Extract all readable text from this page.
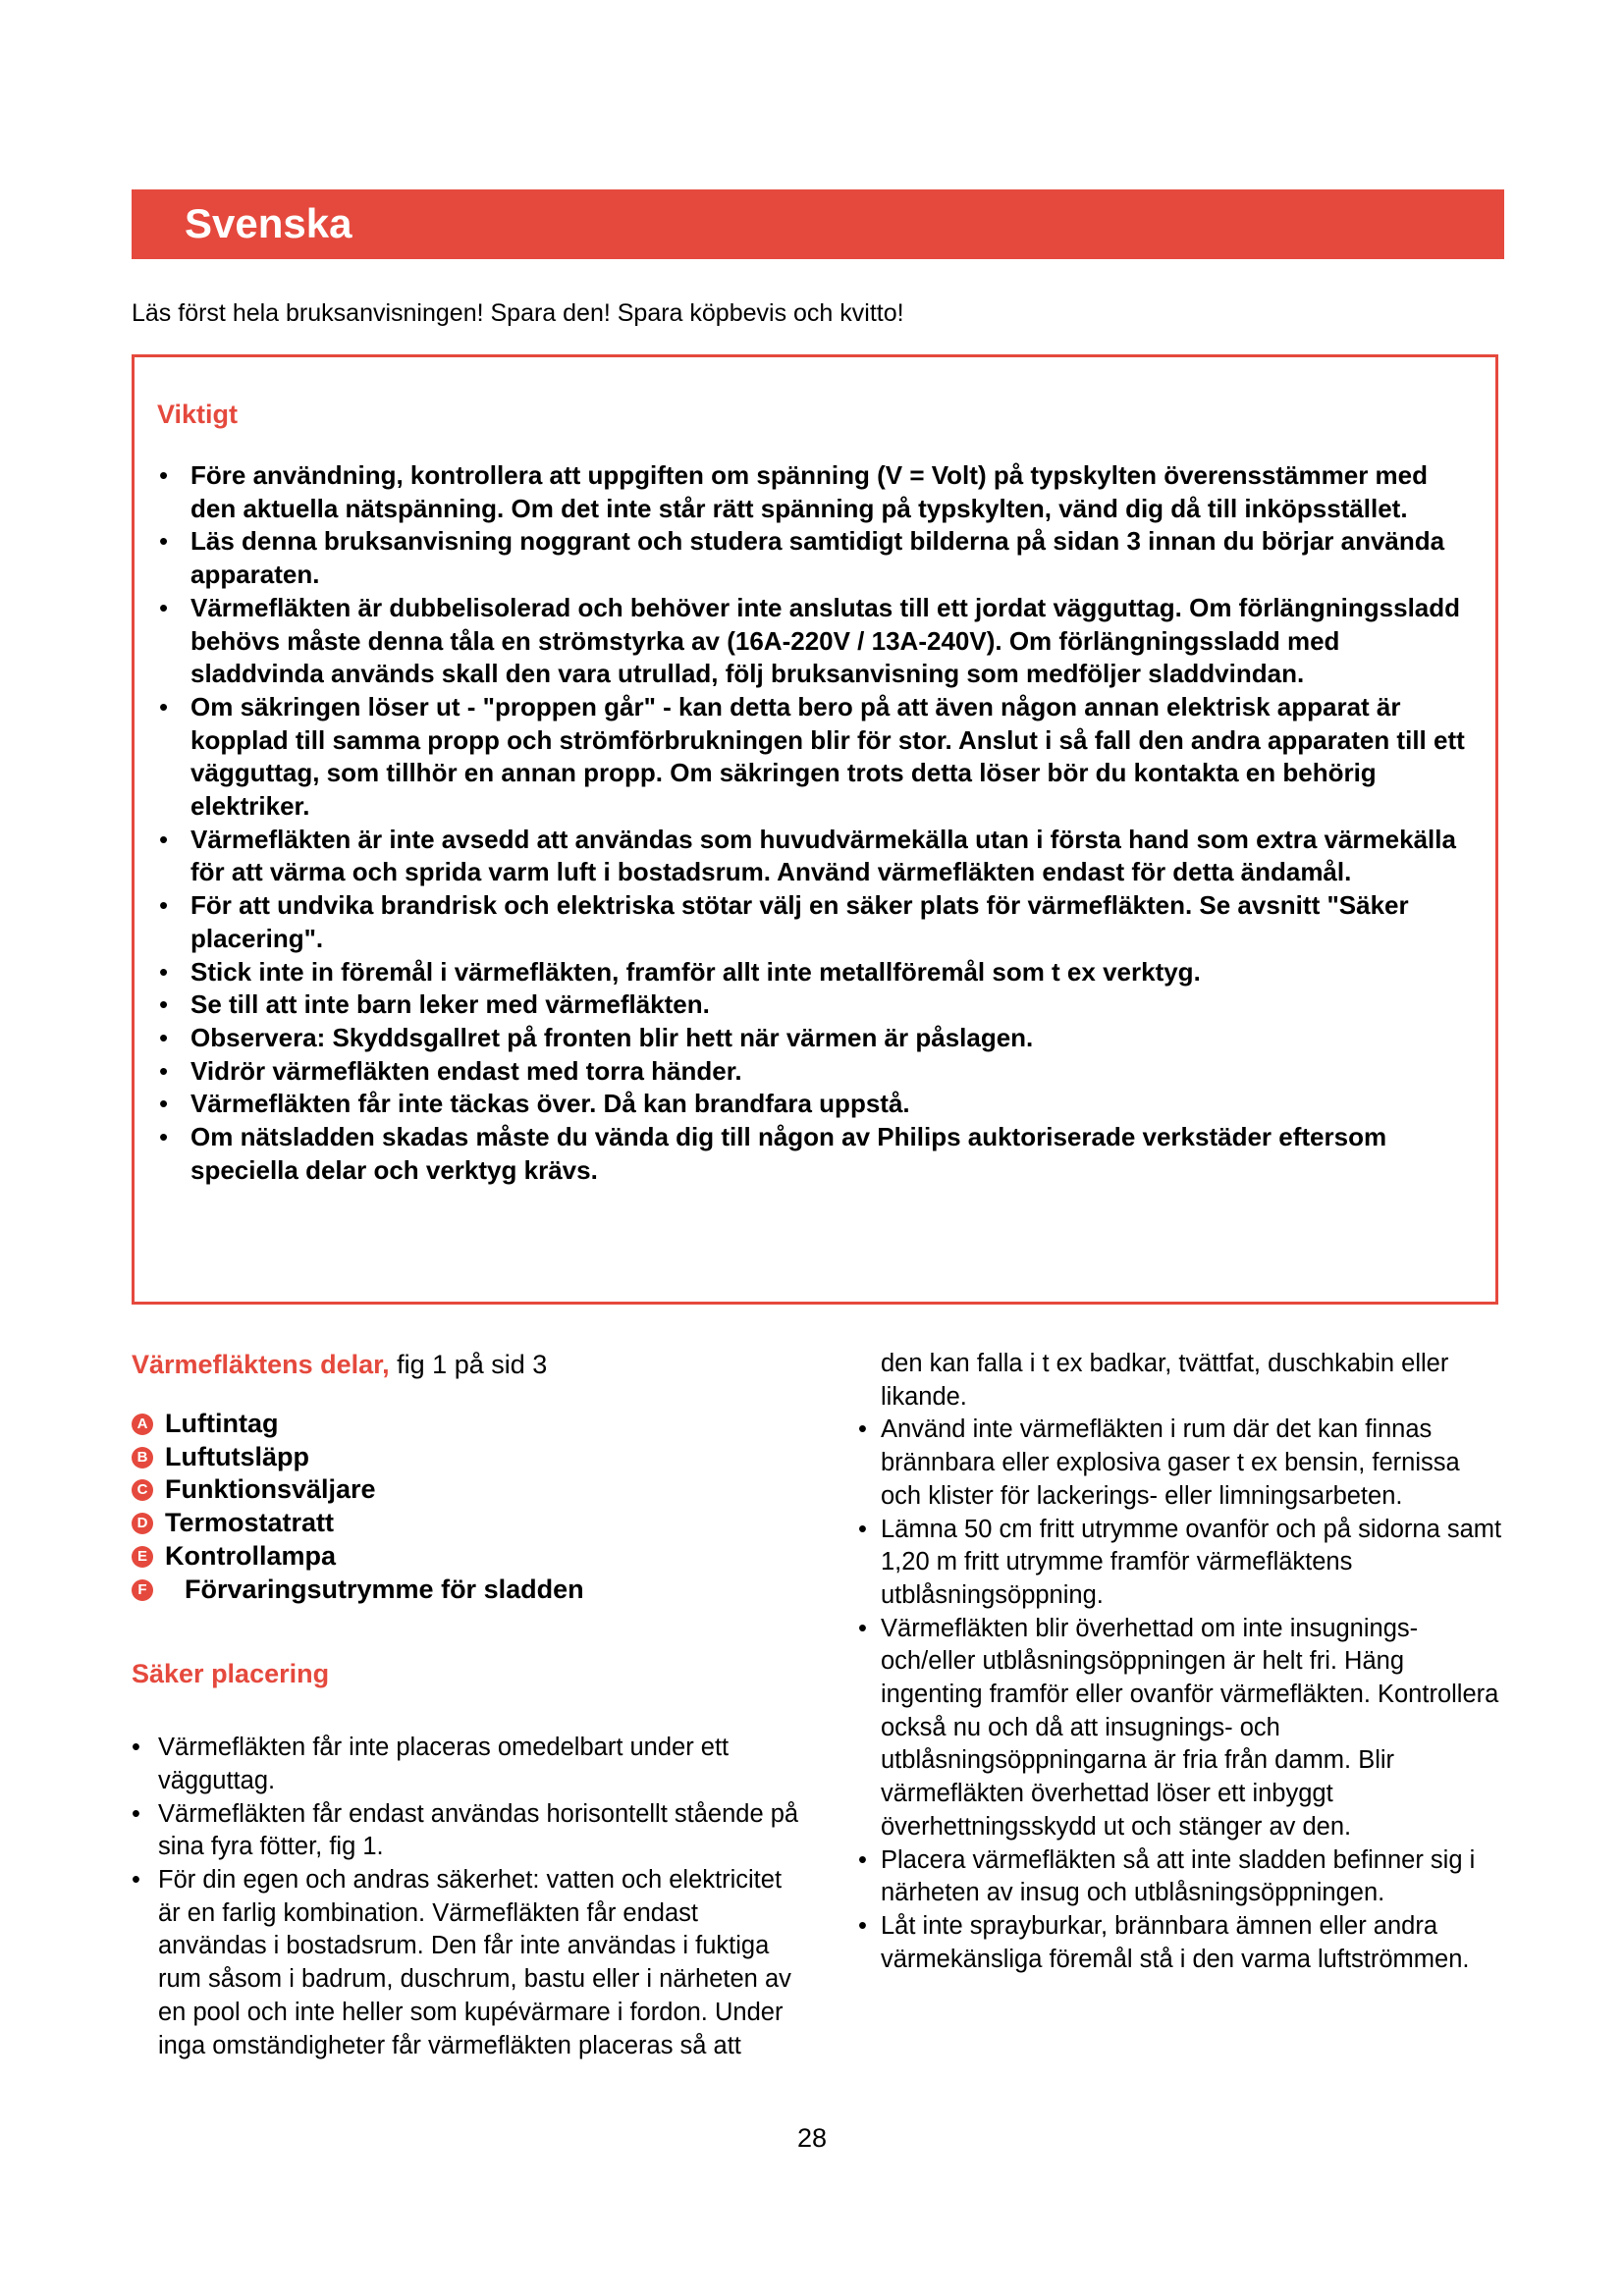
Svenska
Läs först hela bruksanvisningen! Spara den! Spara köpbevis och kvitto!
Viktigt
• Före användning, kontrollera att uppgiften om spänning (V = Volt) på typskylten överensstämmer med den aktuella nätspänning. Om det inte står rätt spänning på typskylten, vänd dig då till inköpsstället.
• Läs denna bruksanvisning noggrant och studera samtidigt bilderna på sidan 3 innan du börjar använda apparaten.
• Värmefläkten är dubbelisolerad och behöver inte anslutas till ett jordat vägguttag. Om förlängningssladd behövs måste denna tåla en strömstyrka av (16A-220V / 13A-240V). Om förlängningssladd med sladdvinda används skall den vara utrullad, följ bruksanvisning som medföljer sladdvindan.
• Om säkringen löser ut - "proppen går" - kan detta bero på att även någon annan elektrisk apparat är kopplad till samma propp och strömförbrukningen blir för stor. Anslut i så fall den andra apparaten till ett vägguttag, som tillhör en annan propp. Om säkringen trots detta löser bör du kontakta en behörig elektriker.
• Värmefläkten är inte avsedd att användas som huvudvärmekälla utan i första hand som extra värmekälla för att värma och sprida varm luft i bostadsrum. Använd värmefläkten endast för detta ändamål.
• För att undvika brandrisk och elektriska stötar välj en säker plats för värmefläkten. Se avsnitt "Säker placering".
• Stick inte in föremål i värmefläkten, framför allt inte metallföremål som t ex verktyg.
• Se till att inte barn leker med värmefläkten.
• Observera: Skyddsgallret på fronten blir hett när värmen är påslagen.
• Vidrör värmefläkten endast med torra händer.
• Värmefläkten får inte täckas över. Då kan brandfara uppstå.
• Om nätsladden skadas måste du vända dig till någon av Philips auktoriserade verkstäder eftersom speciella delar och verktyg krävs.

Värmefläktens delar, fig 1 på sid 3

A Luftintag
B Luftutsläpp
C Funktionsväljare
D Termostatratt
E Kontrollampa
F Förvaringsutrymme för sladden
Säker placering
• Värmefläkten får inte placeras omedelbart under ett vägguttag.
• Värmefläkten får endast användas horisontellt stående på sina fyra fötter, fig 1.
• För din egen och andras säkerhet: vatten och elektricitet är en farlig kombination. Värmefläkten får endast användas i bostadsrum. Den får inte användas i fuktiga rum såsom i badrum, duschrum, bastu eller i närheten av en pool och inte heller som kupévärmare i fordon. Under inga omständigheter får värmefläkten placeras så att

den kan falla i t ex badkar, tvättfat, duschkabin eller likande.

• Använd inte värmefläkten i rum där det kan finnas brännbara eller explosiva gaser t ex bensin, fernissa och klister för lackerings- eller limningsarbeten.
• Lämna 50 cm fritt utrymme ovanför och på sidorna samt 1,20 m fritt utrymme framför värmefläktens utblåsningsöppning.
• Värmefläkten blir överhettad om inte insugnings- och/eller utblåsningsöppningen är helt fri. Häng ingenting framför eller ovanför värmefläkten. Kontrollera också nu och då att insugnings- och utblåsningsöppningarna är fria från damm. Blir värmefläkten överhettad löser ett inbyggt överhettningsskydd ut och stänger av den.
• Placera värmefläkten så att inte sladden befinner sig i närheten av insug och utblåsningsöppningen.
• Låt inte sprayburkar, brännbara ämnen eller andra värmekänsliga föremål stå i den varma luftströmmen.
28
